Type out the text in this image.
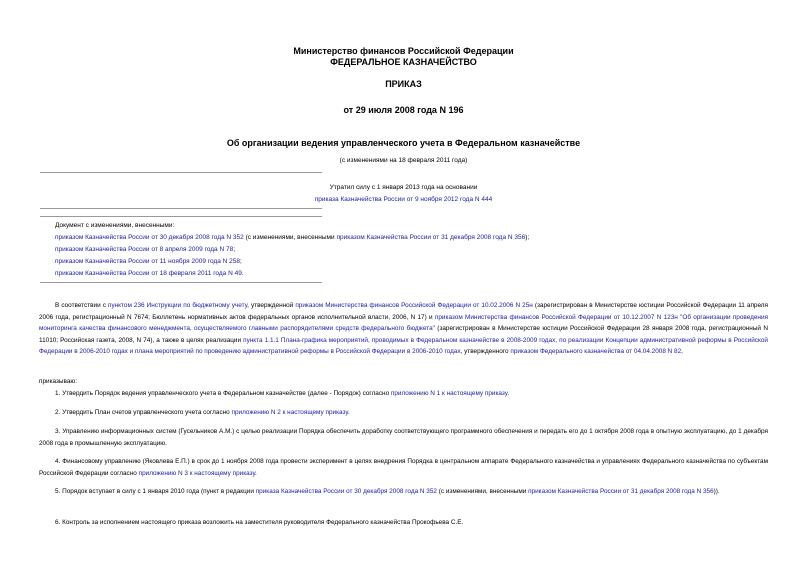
Министерство финансов Российской Федерации
ФЕДЕРАЛЬНОЕ КАЗНАЧЕЙСТВО
ПРИКАЗ
от 29 июля 2008 года N 196
Об организации ведения управленческого учета в Федеральном казначействе
(с изменениями на 18 февраля 2011 года)
Утратил силу с 1 января 2013 года на основании
приказа Казначейства России от 9 ноября 2012 года N 444
Документ с изменениями, внесенными:
приказом Казначейства России от 30 декабря 2008 года N 352 (с изменениями, внесенными приказом Казначейства России от 31 декабря 2008 года N 356);
приказом Казначейства России от 8 апреля 2009 года N 78;
приказом Казначейства России от 11 ноября 2009 года N 258;
приказом Казначейства России от 18 февраля 2011 года N 49.
В соответствии с пунктом 236 Инструкции по бюджетному учету, утвержденной приказом Министерства финансов Российской Федерации от 10.02.2006 N 25н (зарегистрирован в Министерстве юстиции Российской Федерации 11 апреля 2006 года, регистрационный N 7674; Бюллетень нормативных актов федеральных органов исполнительной власти, 2006, N 17) и приказом Министерства финансов Российской Федерации от 10.12.2007 N 123н "Об организации проведения мониторинга качества финансового менеджмента, осуществляемого главными распорядителями средств федерального бюджета" (зарегистрирован в Министерстве юстиции Российской Федерации 28 января 2008 года, регистрационный N 11010; Российская газета, 2008, N 74), а также в целях реализации пункта 1.1.1 Плана-графика мероприятий, проводимых в Федеральном казначействе в 2008-2009 годах, по реализации Концепции административной реформы в Российской Федерации в 2006-2010 годах и плана мероприятий по проведению административной реформы в Российской Федерации в 2006-2010 годах, утвержденного приказом Федерального казначейства от 04.04.2008 N 82,
приказываю:
1. Утвердить Порядок ведения управленческого учета в Федеральном казначействе (далее - Порядок) согласно приложению N 1 к настоящему приказу.
2. Утвердить План счетов управленческого учета согласно приложению N 2 к настоящему приказу.
3. Управлению информационных систем (Гусельников А.М.) с целью реализации Порядка обеспечить доработку соответствующего программного обеспечения и передать его до 1 октября 2008 года в опытную эксплуатацию, до 1 декабря 2008 года в промышленную эксплуатацию.
4. Финансовому управлению (Яковлева Е.П.) в срок до 1 ноября 2008 года провести эксперимент в целях внедрения Порядка в центральном аппарате Федерального казначейства и управлениях Федерального казначейства по субъектам Российской Федерации согласно приложению N 3 к настоящему приказу.
5. Порядок вступает в силу с 1 января 2010 года (пункт в редакции приказа Казначейства России от 30 декабря 2008 года N 352 (с изменениями, внесенными приказом Казначейства России от 31 декабря 2008 года N 356)).
6. Контроль за исполнением настоящего приказа возложить на заместителя руководителя Федерального казначейства Прокофьева С.Е.
